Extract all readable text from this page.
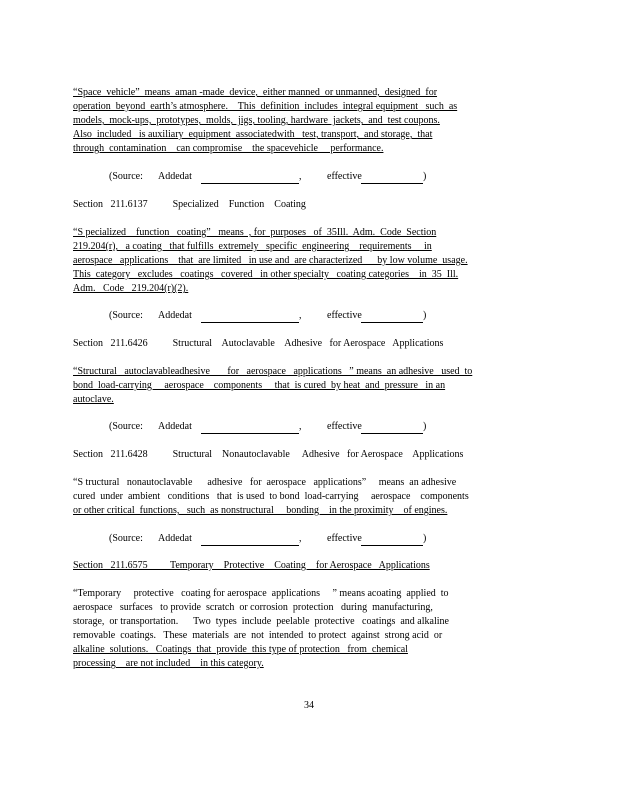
“Space  vehicle”  means  aman -made  device,  either manned  or unmanned,  designed  for
operation  beyond  earth’s atmosphere.    This  definition  includes  integral equipment   such  as
models,  mock-ups,  prototypes,  molds,  jigs, tooling, hardware  jackets,  and  test coupons.
Also  included   is auxiliary  equipment  associatedwith   test, transport,  and storage,  that
through  contamination    can compromise    the spacevehicle     performance.
(Source: Addedat	,	effective	)
Section   211.6137          Specialized    Function    Coating
“S pecialized    function   coating”   means  , for  purposes   of  35Ill.  Adm.  Code  Section
219.204(r),   a coating   that fulfills  extremely   specific  engineering    requirements     in
aerospace   applications    that  are limited   in use and  are characterized      by low volume  usage.
This  category   excludes   coatings   covered   in other specialty   coating categories    in  35  Ill.
Adm.   Code   219.204(r)(2).
(Source: Addedat	,	effective	)
Section   211.6426          Structural    Autoclavable    Adhesive   for Aerospace   Applications
“Structural   autoclavableadhesive       for   aerospace   applications   ” means  an adhesive   used  to
bond  load-carrying     aerospace    components     that  is cured  by heat  and  pressure   in an
autoclave.
(Source: Addedat	,	effective	)
Section   211.6428          Structural    Nonautoclavable     Adhesive   for Aerospace    Applications
“S tructural   nonautoclavable      adhesive   for  aerospace   applications”     means  an adhesive
cured  under  ambient   conditions   that  is used  to bond  load-carrying     aerospace    components
or other critical  functions,   such  as nonstructural     bonding    in the proximity    of engines.
(Source: Addedat	,	effective	)
Section   211.6575         Temporary    Protective    Coating    for Aerospace   Applications
“Temporary     protective   coating for aerospace  applications     ” means acoating  applied  to
aerospace   surfaces   to provide  scratch  or corrosion  protection   during  manufacturing,
storage,  or transportation.      Two  types  include  peelable  protective   coatings  and alkaline
removable  coatings.   These  materials  are  not  intended  to protect  against  strong acid  or
alkaline  solutions.   Coatings  that  provide  this type of protection   from  chemical
processing    are not included    in this category.
34
